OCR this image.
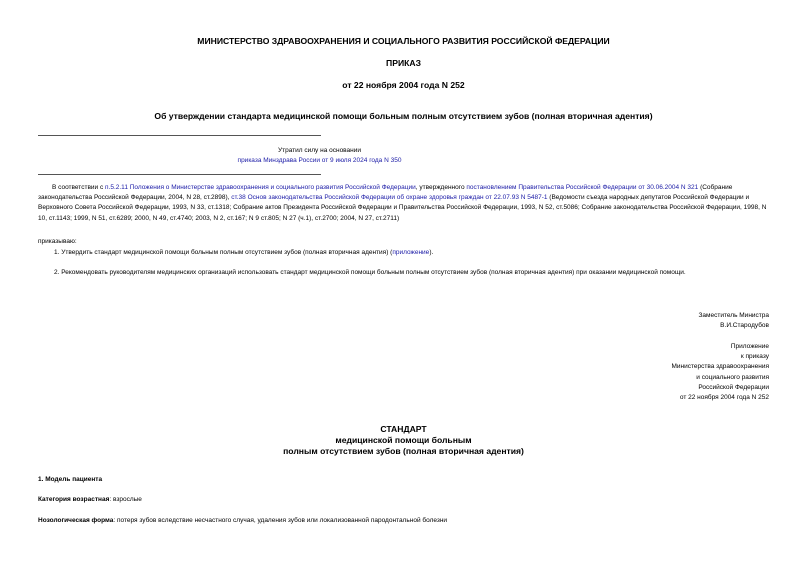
МИНИСТЕРСТВО ЗДРАВООХРАНЕНИЯ И СОЦИАЛЬНОГО РАЗВИТИЯ РОССИЙСКОЙ ФЕДЕРАЦИИ
ПРИКАЗ
от 22 ноября 2004 года N 252
Об утверждении стандарта медицинской помощи больным полным отсутствием зубов (полная вторичная адентия)
Утратил силу на основании
приказа Минздрава России от 9 июля 2024 года N 350
В соответствии с п.5.2.11 Положения о Министерстве здравоохранения и социального развития Российской Федерации, утвержденного постановлением Правительства Российской Федерации от 30.06.2004 N 321 (Собрание законодательства Российской Федерации, 2004, N 28, ст.2898), ст.38 Основ законодательства Российской Федерации об охране здоровья граждан от 22.07.93 N 5487-1 (Ведомости съезда народных депутатов Российской Федерации и Верховного Совета Российской Федерации, 1993, N 33, ст.1318; Собрание актов Президента Российской Федерации и Правительства Российской Федерации, 1993, N 52, ст.5086; Собрание законодательства Российской Федерации, 1998, N 10, ст.1143; 1999, N 51, ст.6289; 2000, N 49, ст.4740; 2003, N 2, ст.167; N 9 ст.805; N 27 (ч.1), ст.2700; 2004, N 27, ст.2711)
приказываю:
1. Утвердить стандарт медицинской помощи больным полным отсутствием зубов (полная вторичная адентия) (приложение).
2. Рекомендовать руководителям медицинских организаций использовать стандарт медицинской помощи больным полным отсутствием зубов (полная вторичная адентия) при оказании медицинской помощи.
Заместитель Министра
В.И.Стародубов
Приложение
к приказу
Министерства здравоохранения
и социального развития
Российской Федерации
от 22 ноября 2004 года N 252
СТАНДАРТ
медицинской помощи больным
полным отсутствием зубов (полная вторичная адентия)
1. Модель пациента
Категория возрастная: взрослые
Нозологическая форма: потеря зубов вследствие несчастного случая, удаления зубов или локализованной пародонтальной болезни
